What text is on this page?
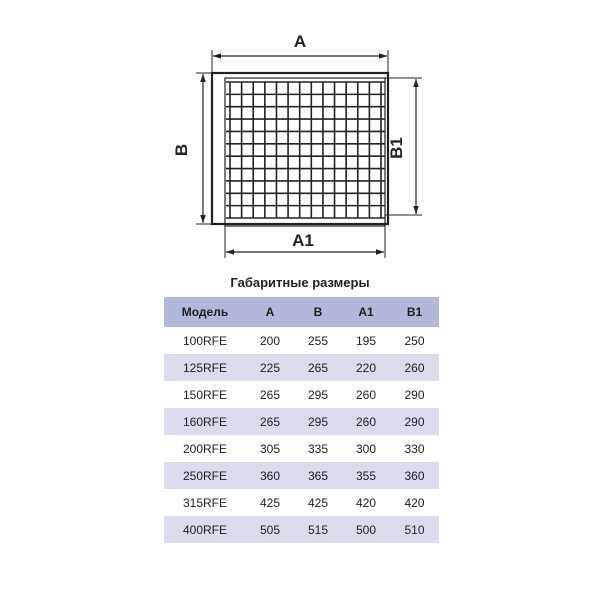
A
B
A1
B1
Габаритные размеры
Модель	A	B	A1	B1
100RFE	200	255	195	250
125RFE	225	265	220	260
150RFE	265	295	260	290
160RFE	265	295	260	290
200RFE	305	335	300	330
250RFE	360	365	355	360
315RFE	425	425	420	420
400RFE	505	515	500	510
